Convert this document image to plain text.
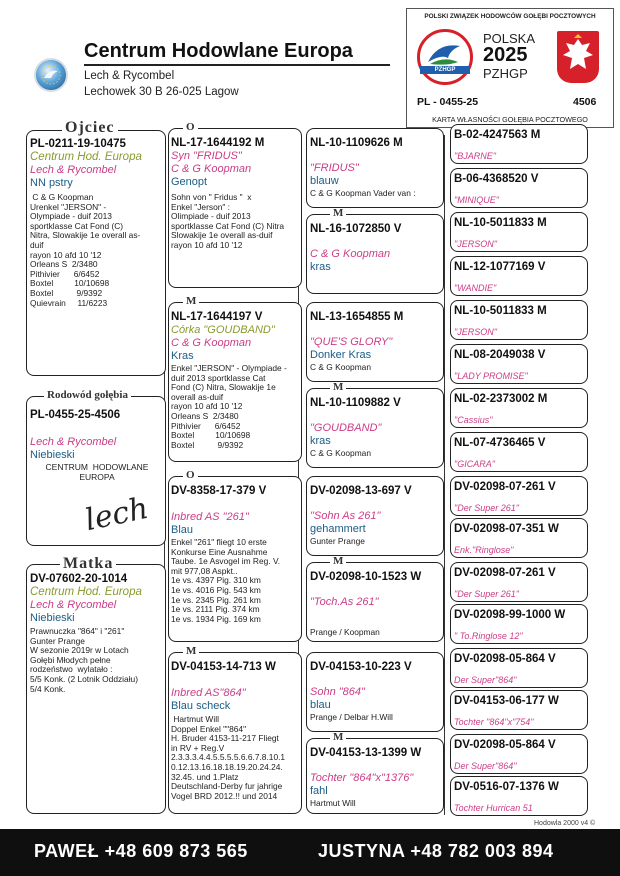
Centrum Hodowlane Europa
Lech & Rycombel
Lechowek 30 B 26-025 Lagow
POLSKI ZWIĄZEK HODOWCÓW GOŁĘBI POCZTOWYCH
PZHGP
POLSKA
2025
PZHGP
PL - 0455-25	4506
KARTA WŁASNOŚCI GOŁĘBIA POCZTOWEGO
PL-0211-19-10475
Centrum Hod. Europa
Lech & Rycombel
NN pstry
C & G Koopman
Urenkel "JERSON" -
Olympiade - duif 2013
sportklasse Cat Fond (C)
Nitra, Slowakije 1e overall as-
duif
rayon 10 afd 10 '12
Orleans S  2/3480
Pithivier      6/6452
Boxtel         10/10698
Boxtel          9/9392
Quievrain     11/6223
Ojciec
PL-0455-25-4506
Lech & Rycombel
Niebieski
CENTRUM  HODOWLANE
EUROPA
lech
Rodowód gołębia
DV-07602-20-1014
Centrum Hod. Europa
Lech & Rycombel
Niebieski
Prawnuczka "864" i "261"
Gunter Prange
W sezonie 2019r w Lotach
Gołębi Młodych pełne
rodzeństwo  wylatało :
5/5 Konk. (2 Lotnik Oddziału)
5/4 Konk.
Matka
NL-17-1644192 M
Syn "FRIDUS"
C & G Koopman
Genopt
Sohn von " Fridus "  x
Enkel "Jerson" :
Olimpiade - duif 2013
sportklasse Cat Fond (C) Nitra
Slowakije 1e overall as-duif
rayon 10 afd 10 '12
O
NL-17-1644197 V
Córka "GOUDBAND"
C & G Koopman
Kras
Enkel "JERSON" - Olympiade -
duif 2013 sportklasse Cat
Fond (C) Nitra, Slowakije 1e
overall as-duif
rayon 10 afd 10 '12
Orleans S  2/3480
Pithivier      6/6452
Boxtel         10/10698
Boxtel          9/9392
M
DV-8358-17-379 V
Inbred AS "261"
Blau
Enkel "261" fliegt 10 erste
Konkurse Eine Ausnahme
Taube. 1e Asvogel im Reg. V.
mit 977,08 Aspkt..
1e vs. 4397 Pig. 310 km
1e vs. 4016 Pig. 543 km
1e vs. 2345 Pig. 261 km
1e vs. 2111 Pig. 374 km
1e vs. 1934 Pig. 169 km
O
DV-04153-14-713 W
Inbred AS"864"
Blau scheck
Hartmut Will
Doppel Enkel ""864"
H. Bruder 4153-11-217 Fliegt
in RV + Reg.V
2.3.3.3.4.4.5.5.5.5.6.6.7.8.10.1
0.12.13.16.18.18.19.20.24.24.
32.45. und 1.Platz
Deutschland-Derby fur jahrige
Vogel BRD 2012.!! und 2014
M
NL-10-1109626 M
"FRIDUS"
blauw
C & G Koopman Vader van :
NL-16-1072850 V
C & G Koopman
kras
M
NL-13-1654855 M
"QUE'S GLORY"
Donker Kras
C & G Koopman
NL-10-1109882 V
"GOUDBAND"
kras
C & G Koopman
M
DV-02098-13-697 V
"Sohn As 261"
gehammert
Gunter Prange
DV-02098-10-1523 W
"Toch.As 261"
Prange / Koopman
M
DV-04153-10-223 V
Sohn "864"
blau
Prange / Delbar H.Will
DV-04153-13-1399 W
Tochter "864"x"1376"
fahl
Hartmut Will
M
B-02-4247563 M
"BJARNE"
B-06-4368520 V
"MINIQUE"
NL-10-5011833 M
"JERSON"
NL-12-1077169 V
"WANDIE"
NL-10-5011833 M
"JERSON"
NL-08-2049038 V
"LADY PROMISE"
NL-02-2373002 M
"Cassius"
NL-07-4736465 V
"GICARA"
DV-02098-07-261 V
"Der Super 261"
DV-02098-07-351 W
Enk."Ringlose"
DV-02098-07-261 V
"Der Super 261"
DV-02098-99-1000 W
" To.Ringlose 12"
DV-02098-05-864 V
Der Super"864"
DV-04153-06-177 W
Tochter "864"x"754"
DV-02098-05-864 V
Der Super"864"
DV-0516-07-1376 W
Tochter Hurrican 51
Hodowla 2000 v4 ©
PAWEŁ +48 609 873 565	JUSTYNA +48 782 003 894
